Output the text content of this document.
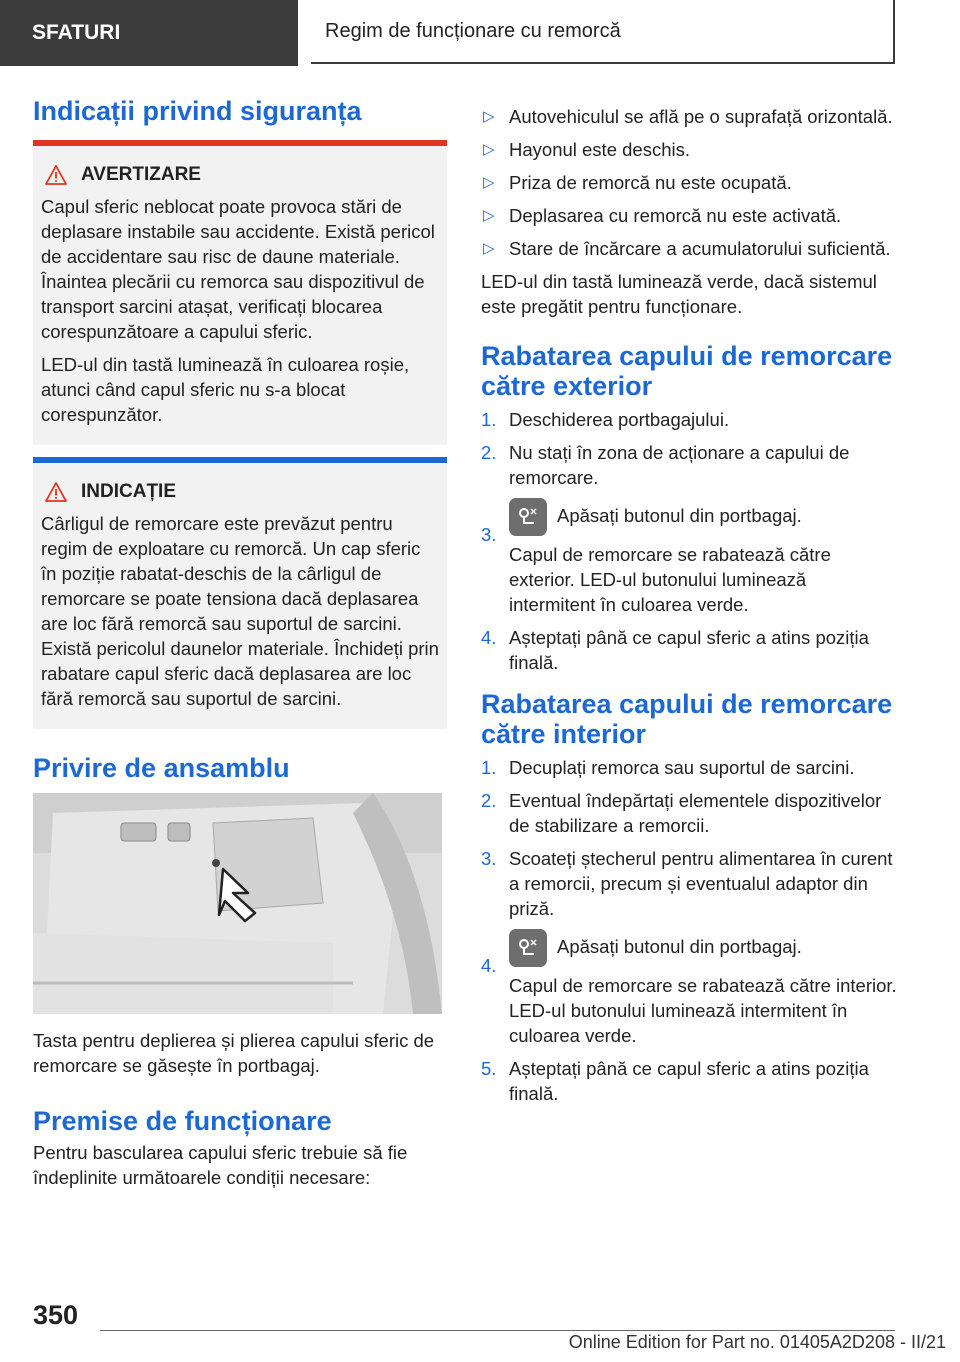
SFATURI	Regim de funcționare cu remorcă
Indicații privind siguranța
AVERTIZARE

Capul sferic neblocat poate provoca stări de deplasare instabile sau accidente. Există pericol de accidentare sau risc de daune materiale. Înaintea plecării cu remorca sau dispozitivul de transport sarcini atașat, verificați blocarea corespunzătoare a capului sferic.

LED-ul din tastă luminează în culoarea roșie, atunci când capul sferic nu s-a blocat corespunzător.

INDICAȚIE

Cârligul de remorcare este prevăzut pentru regim de exploatare cu remorcă. Un cap sferic în poziție rabatat-deschis de la cârligul de remorcare se poate tensiona dacă deplasarea are loc fără remorcă sau suportul de sarcini. Există pericolul daunelor materiale. Închideți prin rabatare capul sferic dacă deplasarea are loc fără remorcă sau suportul de sarcini.

Privire de ansamblu

Tasta pentru deplierea și plierea capului sferic de remorcare se găsește în portbagaj.

Premise de funcționare

Pentru bascularea capului sferic trebuie să fie îndeplinite următoarele condiții necesare:

▷ Autovehiculul se află pe o suprafață orizontală.
▷ Hayonul este deschis.
▷ Priza de remorcă nu este ocupată.
▷ Deplasarea cu remorcă nu este activată.
▷ Stare de încărcare a acumulatorului suficientă.

LED-ul din tastă luminează verde, dacă sistemul este pregătit pentru funcționare.

Rabatarea capului de remorcare către exterior
1. Deschiderea portbagajului.
2. Nu stați în zona de acționare a capului de remorcare.
3.
Apăsați butonul din portbagaj.
Capul de remorcare se rabatează către exterior. LED-ul butonului luminează intermitent în culoarea verde.
4. Așteptați până ce capul sferic a atins poziția finală.
Rabatarea capului de remorcare către interior
1. Decuplați remorca sau suportul de sarcini.
2. Eventual îndepărtați elementele dispozitivelor de stabilizare a remorcii.
3. Scoateți ștecherul pentru alimentarea în curent a remorcii, precum și eventualul adaptor din priză.
4.
Apăsați butonul din portbagaj.
Capul de remorcare se rabatează către interior. LED-ul butonului luminează intermitent în culoarea verde.
5. Așteptați până ce capul sferic a atins poziția finală.
350
Online Edition for Part no. 01405A2D208 - II/21
